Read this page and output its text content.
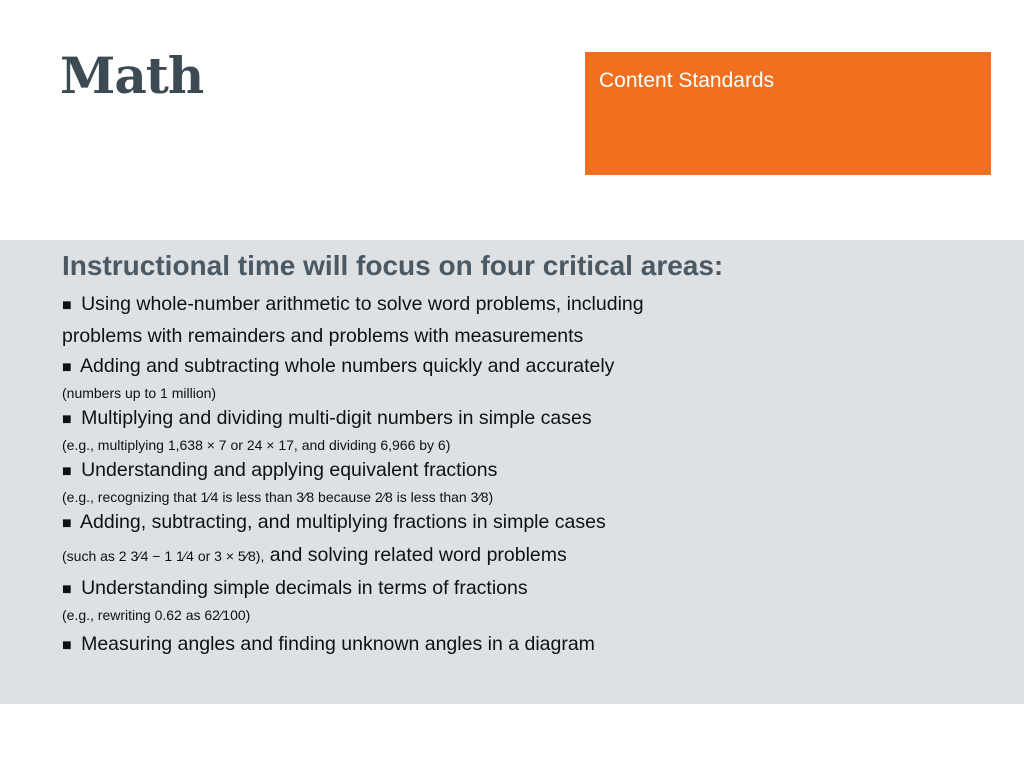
Math	Content Standards
Instructional time will focus on four critical areas:
■ Using whole-number arithmetic to solve word problems, including
problems with remainders and problems with measurements
■ Adding and subtracting whole numbers quickly and accurately
(numbers up to 1 million)
■ Multiplying and dividing multi-digit numbers in simple cases
(e.g., multiplying 1,638 × 7 or 24 × 17, and dividing 6,966 by 6)
■ Understanding and applying equivalent fractions
(e.g., recognizing that 1⁄4 is less than 3⁄8 because 2⁄8 is less than 3⁄8)
■ Adding, subtracting, and multiplying fractions in simple cases
(such as 2 3⁄4 − 1 1⁄4 or 3 × 5⁄8), and solving related word problems
■ Understanding simple decimals in terms of fractions
(e.g., rewriting 0.62 as 62⁄100)
■ Measuring angles and finding unknown angles in a diagram
